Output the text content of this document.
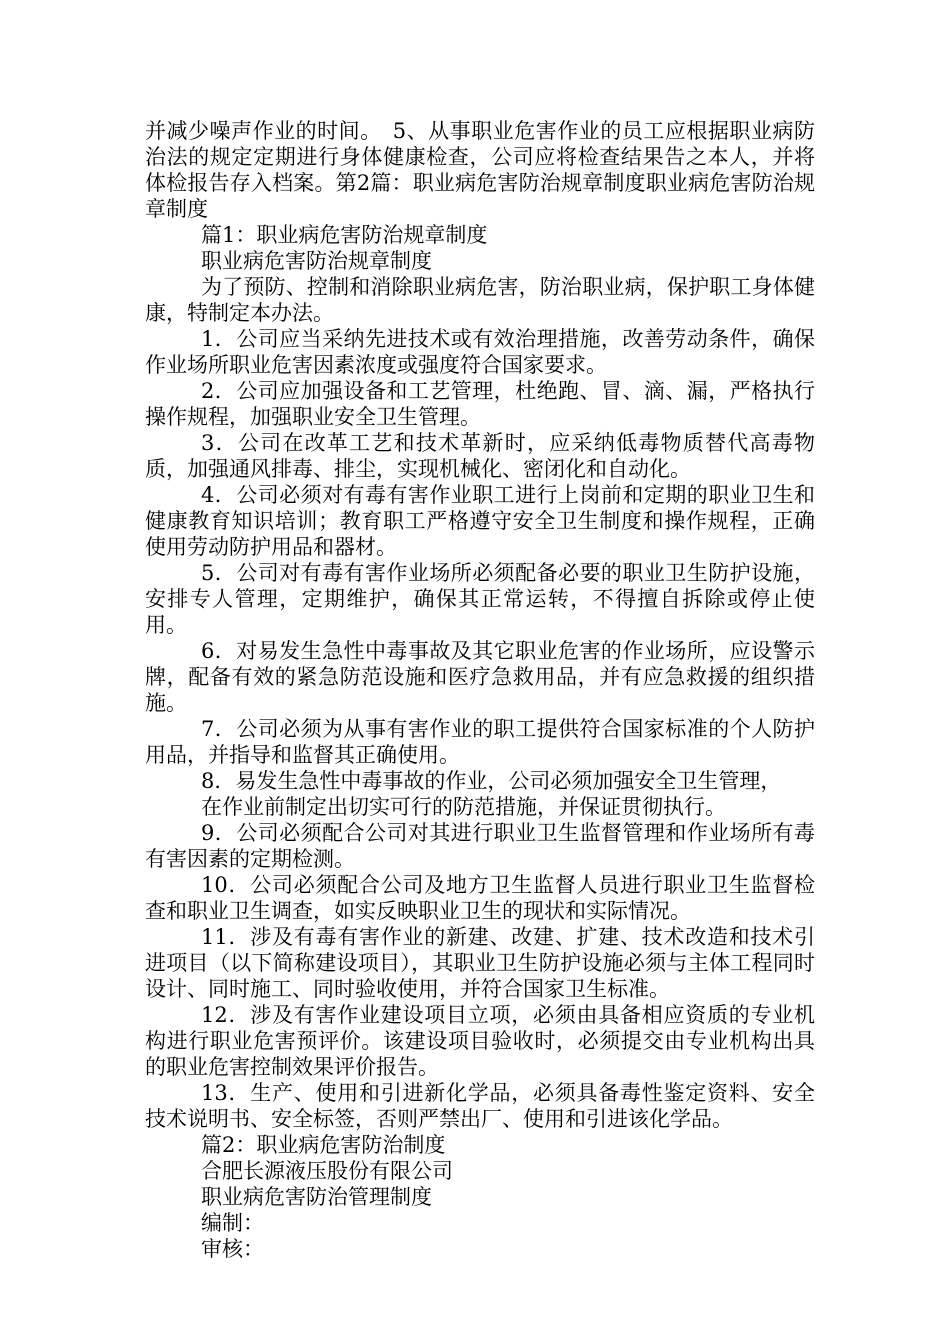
并减少噪声作业的时间。　5、从事职业危害作业的员工应根据职业病防治法的规定定期进行身体健康检查，公司应将检查结果告之本人，并将体检报告存入档案。第2篇：职业病危害防治规章制度职业病危害防治规章制度

篇1：职业病危害防治规章制度

职业病危害防治规章制度

为了预防、控制和消除职业病危害，防治职业病，保护职工身体健康，特制定本办法。

1．公司应当采纳先进技术或有效治理措施，改善劳动条件，确保作业场所职业危害因素浓度或强度符合国家要求。

2．公司应加强设备和工艺管理，杜绝跑、冒、滴、漏，严格执行操作规程，加强职业安全卫生管理。

3．公司在改革工艺和技术革新时，应采纳低毒物质替代高毒物质，加强通风排毒、排尘，实现机械化、密闭化和自动化。

4．公司必须对有毒有害作业职工进行上岗前和定期的职业卫生和健康教育知识培训；教育职工严格遵守安全卫生制度和操作规程，正确使用劳动防护用品和器材。

5．公司对有毒有害作业场所必须配备必要的职业卫生防护设施，安排专人管理，定期维护，确保其正常运转，不得擅自拆除或停止使用。

6．对易发生急性中毒事故及其它职业危害的作业场所，应设警示牌，配备有效的紧急防范设施和医疗急救用品，并有应急救援的组织措施。

7．公司必须为从事有害作业的职工提供符合国家标准的个人防护用品，并指导和监督其正确使用。

8．易发生急性中毒事故的作业，公司必须加强安全卫生管理，

在作业前制定出切实可行的防范措施，并保证贯彻执行。

9．公司必须配合公司对其进行职业卫生监督管理和作业场所有毒有害因素的定期检测。

10．公司必须配合公司及地方卫生监督人员进行职业卫生监督检查和职业卫生调查，如实反映职业卫生的现状和实际情况。

11．涉及有毒有害作业的新建、改建、扩建、技术改造和技术引进项目（以下简称建设项目），其职业卫生防护设施必须与主体工程同时设计、同时施工、同时验收使用，并符合国家卫生标准。

12．涉及有害作业建设项目立项，必须由具备相应资质的专业机构进行职业危害预评价。该建设项目验收时，必须提交由专业机构出具的职业危害控制效果评价报告。

13．生产、使用和引进新化学品，必须具备毒性鉴定资料、安全技术说明书、安全标签，否则严禁出厂、使用和引进该化学品。

篇2：职业病危害防治制度

合肥长源液压股份有限公司

职业病危害防治管理制度

编制：

审核：
